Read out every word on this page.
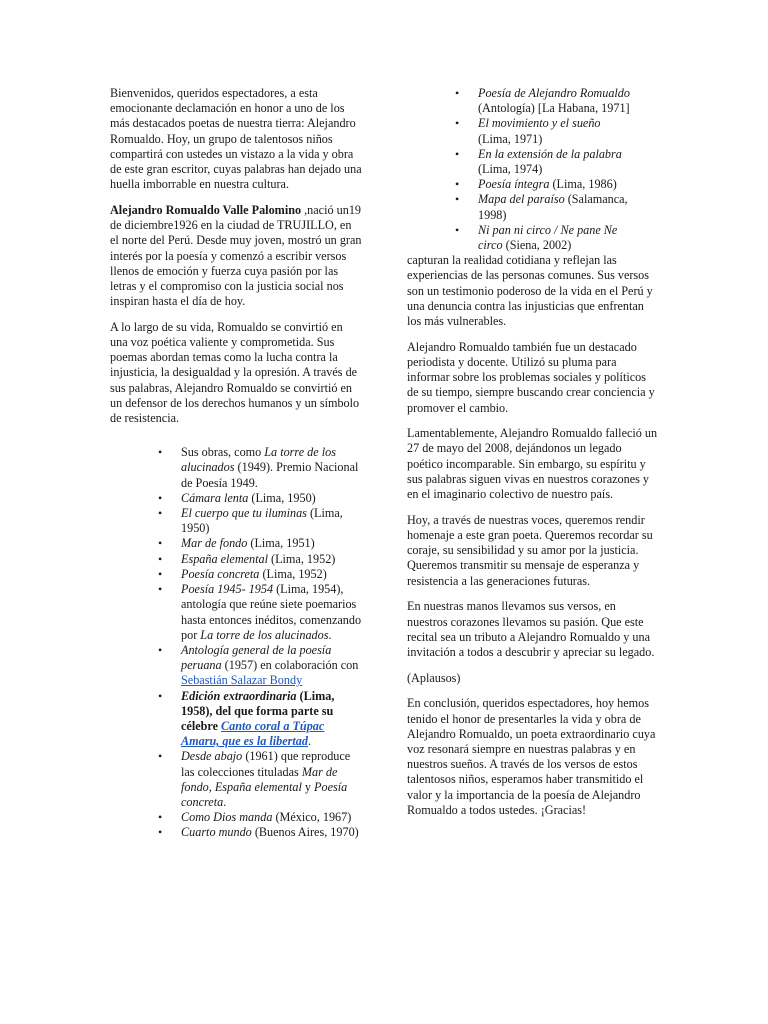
Bienvenidos, queridos espectadores, a esta emocionante declamación en honor a uno de los más destacados poetas de nuestra tierra: Alejandro Romualdo. Hoy, un grupo de talentosos niños compartirá con ustedes un vistazo a la vida y obra de este gran escritor, cuyas palabras han dejado una huella imborrable en nuestra cultura.

Alejandro Romualdo Valle Palomino ,nació un19 de diciembre1926 en la ciudad de TRUJILLO, en el norte del Perú. Desde muy joven, mostró un gran interés por la poesía y comenzó a escribir versos llenos de emoción y fuerza cuya pasión por las letras y el compromiso con la justicia social nos inspiran hasta el día de hoy.

A lo largo de su vida, Romualdo se convirtió en una voz poética valiente y comprometida. Sus poemas abordan temas como la lucha contra la injusticia, la desigualdad y la opresión. A través de sus palabras, Alejandro Romualdo se convirtió en un defensor de los derechos humanos y un símbolo de resistencia.

• Sus obras, como La torre de los alucinados (1949). Premio Nacional de Poesía 1949.
• Cámara lenta (Lima, 1950)
• El cuerpo que tu iluminas (Lima, 1950)
• Mar de fondo (Lima, 1951)
• España elemental (Lima, 1952)
• Poesía concreta (Lima, 1952)
• Poesía 1945- 1954 (Lima, 1954), antología que reúne siete poemarios hasta entonces inéditos, comenzando por La torre de los alucinados.
• Antología general de la poesía peruana (1957) en colaboración con Sebastián Salazar Bondy
• Edición extraordinaria (Lima, 1958), del que forma parte su célebre Canto coral a Túpac Amaru, que es la libertad.
• Desde abajo (1961) que reproduce las colecciones tituladas Mar de fondo, España elemental y Poesía concreta.
• Como Dios manda (México, 1967)
• Cuarto mundo (Buenos Aires, 1970)
• Poesía de Alejandro Romualdo (Antología) [La Habana, 1971]
• El movimiento y el sueño (Lima, 1971)
• En la extensión de la palabra (Lima, 1974)
• Poesía íntegra (Lima, 1986)
• Mapa del paraíso (Salamanca, 1998)
• Ni pan ni circo / Ne pane Ne circo (Siena, 2002)

capturan la realidad cotidiana y reflejan las experiencias de las personas comunes. Sus versos son un testimonio poderoso de la vida en el Perú y una denuncia contra las injusticias que enfrentan los más vulnerables.

Alejandro Romualdo también fue un destacado periodista y docente. Utilizó su pluma para informar sobre los problemas sociales y políticos de su tiempo, siempre buscando crear conciencia y promover el cambio.

Lamentablemente, Alejandro Romualdo falleció un 27 de mayo del 2008, dejándonos un legado poético incomparable. Sin embargo, su espíritu y sus palabras siguen vivas en nuestros corazones y en el imaginario colectivo de nuestro país.

Hoy, a través de nuestras voces, queremos rendir homenaje a este gran poeta. Queremos recordar su coraje, su sensibilidad y su amor por la justicia. Queremos transmitir su mensaje de esperanza y resistencia a las generaciones futuras.

En nuestras manos llevamos sus versos, en nuestros corazones llevamos su pasión. Que este recital sea un tributo a Alejandro Romualdo y una invitación a todos a descubrir y apreciar su legado.

(Aplausos)

En conclusión, queridos espectadores, hoy hemos tenido el honor de presentarles la vida y obra de Alejandro Romualdo, un poeta extraordinario cuya voz resonará siempre en nuestras palabras y en nuestros sueños. A través de los versos de estos talentosos niños, esperamos haber transmitido el valor y la importancia de la poesía de Alejandro Romualdo a todos ustedes. ¡Gracias!
